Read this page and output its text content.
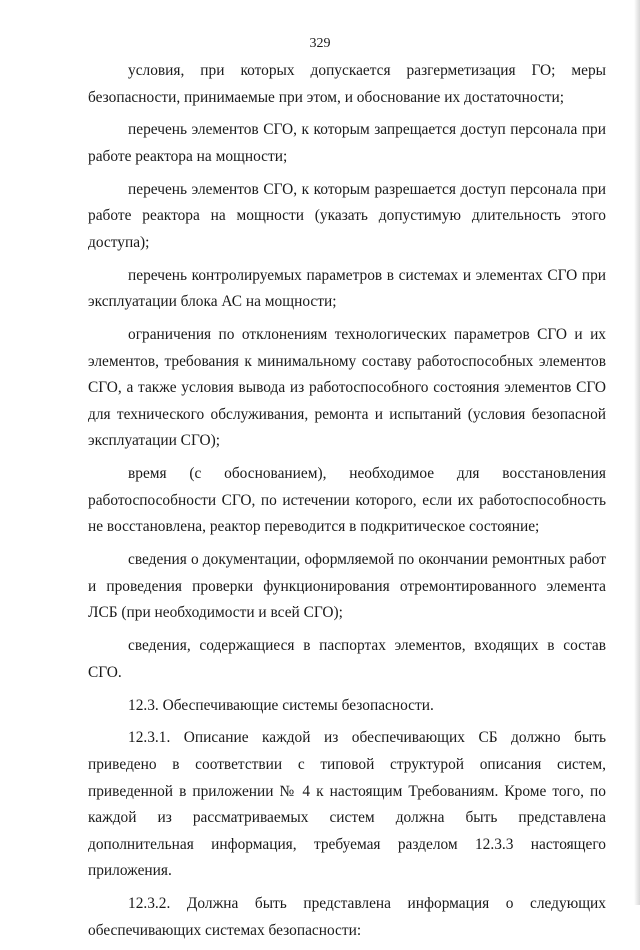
329

условия, при которых допускается разгерметизация ГО; меры безопасности, принимаемые при этом, и обоснование их достаточности;

перечень элементов СГО, к которым запрещается доступ персонала при работе реактора на мощности;

перечень элементов СГО, к которым разрешается доступ персонала при работе реактора на мощности (указать допустимую длительность этого доступа);

перечень контролируемых параметров в системах и элементах СГО при эксплуатации блока АС на мощности;

ограничения по отклонениям технологических параметров СГО и их элементов, требования к минимальному составу работоспособных элементов СГО, а также условия вывода из работоспособного состояния элементов СГО для технического обслуживания, ремонта и испытаний (условия безопасной эксплуатации СГО);

время (с обоснованием), необходимое для восстановления работоспособности СГО, по истечении которого, если их работоспособность не восстановлена, реактор переводится в подкритическое состояние;

сведения о документации, оформляемой по окончании ремонтных работ и проведения проверки функционирования отремонтированного элемента ЛСБ (при необходимости и всей СГО);

сведения, содержащиеся в паспортах элементов, входящих в состав СГО.

12.3. Обеспечивающие системы безопасности.

12.3.1. Описание каждой из обеспечивающих СБ должно быть приведено в соответствии с типовой структурой описания систем, приведенной в приложении № 4 к настоящим Требованиям. Кроме того, по каждой из рассматриваемых систем должна быть представлена дополнительная информация, требуемая разделом 12.3.3 настоящего приложения.

12.3.2. Должна быть представлена информация о следующих обеспечивающих системах безопасности:
